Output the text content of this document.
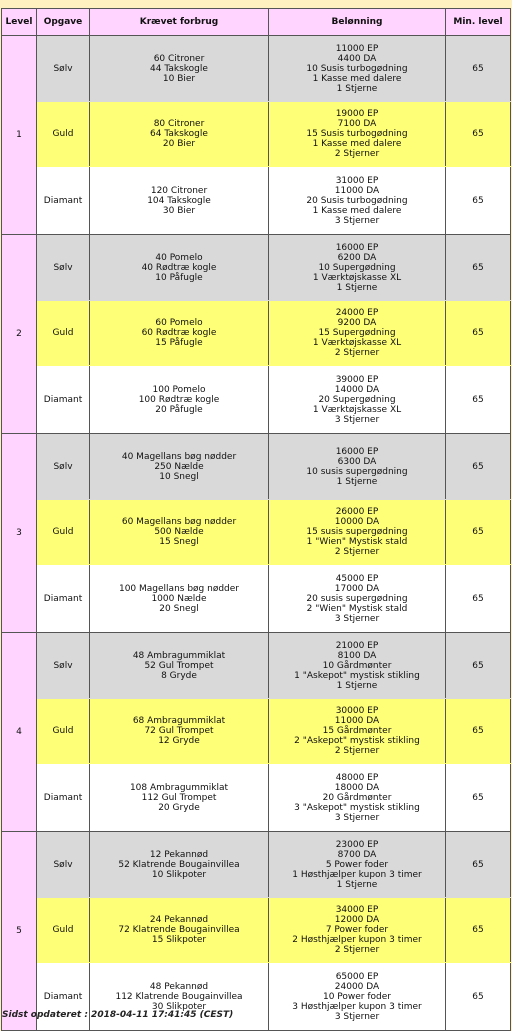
Level	Opgave	Krævet forbrug	Belønning	Min. level
1	Sølv	60 Citroner
44 Takskogle
10 Bier	11000 EP
4400 DA
10 Susis turbogødning
1 Kasse med dalere
1 Stjerne	65
	Guld	80 Citroner
64 Takskogle
20 Bier	19000 EP
7100 DA
15 Susis turbogødning
1 Kasse med dalere
2 Stjerner	65
	Diamant	120 Citroner
104 Takskogle
30 Bier	31000 EP
11000 DA
20 Susis turbogødning
1 Kasse med dalere
3 Stjerner	65
2	Sølv	40 Pomelo
40 Rødtræ kogle
10 Påfugle	16000 EP
6200 DA
10 Supergødning
1 Værktøjskasse XL
1 Stjerne	65
	Guld	60 Pomelo
60 Rødtræ kogle
15 Påfugle	24000 EP
9200 DA
15 Supergødning
1 Værktøjskasse XL
2 Stjerner	65
	Diamant	100 Pomelo
100 Rødtræ kogle
20 Påfugle	39000 EP
14000 DA
20 Supergødning
1 Værktøjskasse XL
3 Stjerner	65
3	Sølv	40 Magellans bøg nødder
250 Nælde
10 Snegl	16000 EP
6300 DA
10 susis supergødning
1 Stjerne	65
	Guld	60 Magellans bøg nødder
500 Nælde
15 Snegl	26000 EP
10000 DA
15 susis supergødning
1 "Wien" Mystisk stald
2 Stjerner	65
	Diamant	100 Magellans bøg nødder
1000 Nælde
20 Snegl	45000 EP
17000 DA
20 susis supergødning
2 "Wien" Mystisk stald
3 Stjerner	65
4	Sølv	48 Ambragummiklat
52 Gul Trompet
8 Gryde	21000 EP
8100 DA
10 Gårdmønter
1 "Askepot" mystisk stikling
1 Stjerne	65
	Guld	68 Ambragummiklat
72 Gul Trompet
12 Gryde	30000 EP
11000 DA
15 Gårdmønter
2 "Askepot" mystisk stikling
2 Stjerner	65
	Diamant	108 Ambragummiklat
112 Gul Trompet
20 Gryde	48000 EP
18000 DA
20 Gårdmønter
3 "Askepot" mystisk stikling
3 Stjerner	65
5	Sølv	12 Pekannød
52 Klatrende Bougainvillea
10 Slikpoter	23000 EP
8700 DA
5 Power foder
1 Høsthjælper kupon 3 timer
1 Stjerne	65
	Guld	24 Pekannød
72 Klatrende Bougainvillea
15 Slikpoter	34000 EP
12000 DA
7 Power foder
2 Høsthjælper kupon 3 timer
2 Stjerner	65
	Diamant	48 Pekannød
112 Klatrende Bougainvillea
30 Slikpoter	65000 EP
24000 DA
10 Power foder
3 Høsthjælper kupon 3 timer
3 Stjerner	65
Sidst opdateret : 2018-04-11 17:41:45 (CEST)
